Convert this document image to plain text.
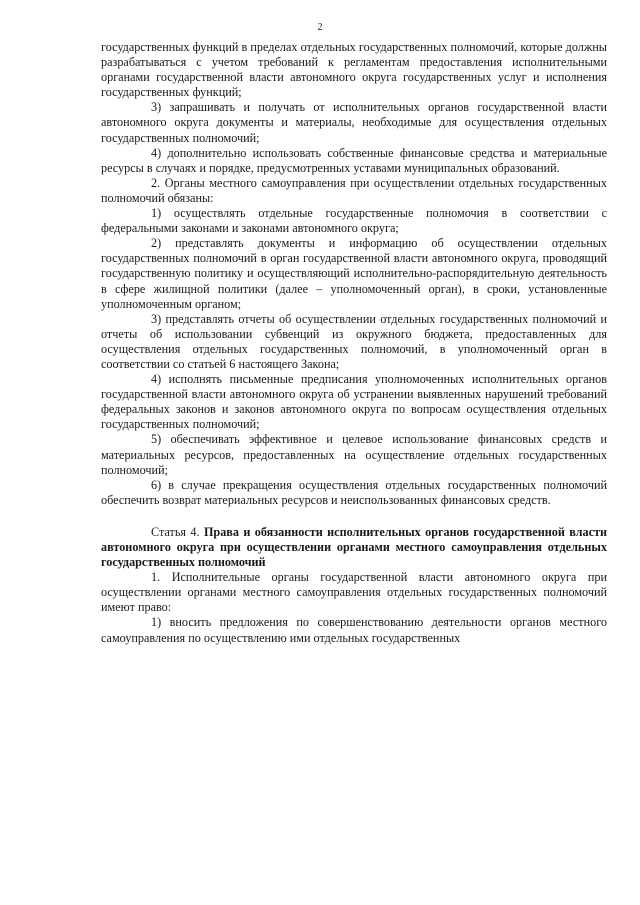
2

государственных функций в пределах отдельных государственных полномочий, которые должны разрабатываться с учетом требований к регламентам предоставления исполнительными органами государственной власти автономного округа государственных услуг и исполнения государственных функций;

3) запрашивать и получать от исполнительных органов государственной власти автономного округа документы и материалы, необходимые для осуществления отдельных государственных полномочий;

4) дополнительно использовать собственные финансовые средства и материальные ресурсы в случаях и порядке, предусмотренных уставами муниципальных образований.

2. Органы местного самоуправления при осуществлении отдельных государственных полномочий обязаны:

1) осуществлять отдельные государственные полномочия в соответствии с федеральными законами и законами автономного округа;

2) представлять документы и информацию об осуществлении отдельных государственных полномочий в орган государственной власти автономного округа, проводящий государственную политику и осуществляющий исполнительно-распорядительную деятельность в сфере жилищной политики (далее – уполномоченный орган), в сроки, установленные уполномоченным органом;

3) представлять отчеты об осуществлении отдельных государственных полномочий и отчеты об использовании субвенций из окружного бюджета, предоставленных для осуществления отдельных государственных полномочий, в уполномоченный орган в соответствии со статьей 6 настоящего Закона;

4) исполнять письменные предписания уполномоченных исполнительных органов государственной власти автономного округа об устранении выявленных нарушений требований федеральных законов и законов автономного округа по вопросам осуществления отдельных государственных полномочий;

5) обеспечивать эффективное и целевое использование финансовых средств и материальных ресурсов, предоставленных на осуществление отдельных государственных полномочий;

6) в случае прекращения осуществления отдельных государственных полномочий обеспечить возврат материальных ресурсов и неиспользованных финансовых средств.

Статья 4. Права и обязанности исполнительных органов государственной власти автономного округа при осуществлении органами местного самоуправления отдельных государственных полномочий

1. Исполнительные органы государственной власти автономного округа при осуществлении органами местного самоуправления отдельных государственных полномочий имеют право:

1) вносить предложения по совершенствованию деятельности органов местного самоуправления по осуществлению ими отдельных государственных
